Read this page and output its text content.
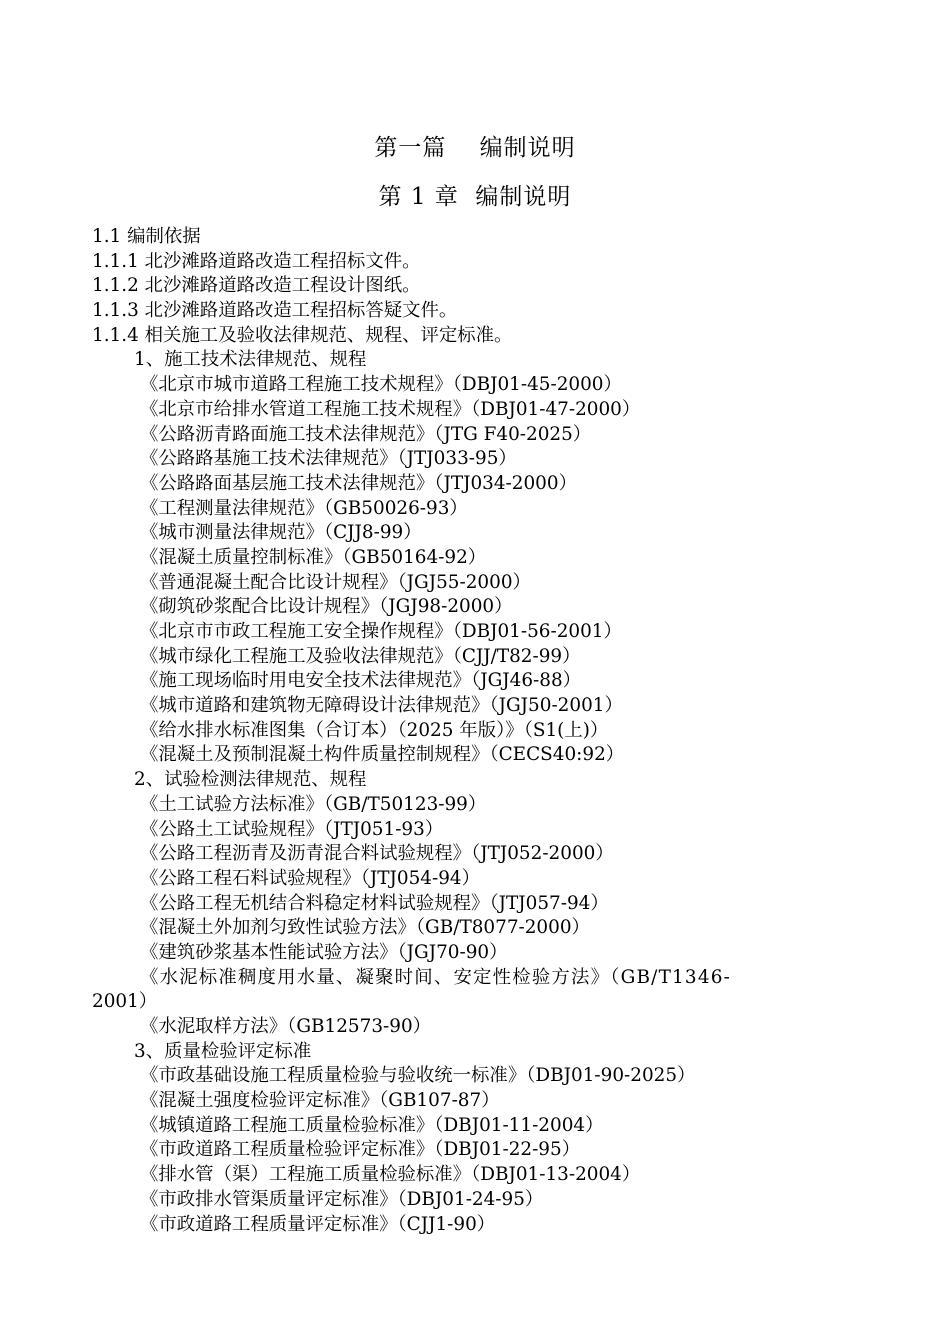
第一篇    编制说明
第 1 章  编制说明
1.1 编制依据
1.1.1 北沙滩路道路改造工程招标文件。
1.1.2 北沙滩路道路改造工程设计图纸。
1.1.3 北沙滩路道路改造工程招标答疑文件。
1.1.4 相关施工及验收法律规范、规程、评定标准。
1、施工技术法律规范、规程
《北京市城市道路工程施工技术规程》（DBJ01-45-2000）
《北京市给排水管道工程施工技术规程》（DBJ01-47-2000）
《公路沥青路面施工技术法律规范》（JTG F40-2025）
《公路路基施工技术法律规范》（JTJ033-95）
《公路路面基层施工技术法律规范》（JTJ034-2000）
《工程测量法律规范》（GB50026-93）
《城市测量法律规范》（CJJ8-99）
《混凝土质量控制标准》（GB50164-92）
《普通混凝土配合比设计规程》（JGJ55-2000）
《砌筑砂浆配合比设计规程》（JGJ98-2000）
《北京市市政工程施工安全操作规程》（DBJ01-56-2001）
《城市绿化工程施工及验收法律规范》（CJJ/T82-99）
《施工现场临时用电安全技术法律规范》（JGJ46-88）
《城市道路和建筑物无障碍设计法律规范》（JGJ50-2001）
《给水排水标准图集（合订本）（2025 年版）》（S1(上)）
《混凝土及预制混凝土构件质量控制规程》（CECS40:92）
2、试验检测法律规范、规程
《土工试验方法标准》（GB/T50123-99）
《公路土工试验规程》（JTJ051-93）
《公路工程沥青及沥青混合料试验规程》（JTJ052-2000）
《公路工程石料试验规程》（JTJ054-94）
《公路工程无机结合料稳定材料试验规程》（JTJ057-94）
《混凝土外加剂匀致性试验方法》（GB/T8077-2000）
《建筑砂浆基本性能试验方法》（JGJ70-90）
《水泥标准稠度用水量、凝聚时间、安定性检验方法》（GB/T1346-
2001）
《水泥取样方法》（GB12573-90）
3、质量检验评定标准
《市政基础设施工程质量检验与验收统一标准》（DBJ01-90-2025）
《混凝土强度检验评定标准》（GB107-87）
《城镇道路工程施工质量检验标准》（DBJ01-11-2004）
《市政道路工程质量检验评定标准》（DBJ01-22-95）
《排水管（渠）工程施工质量检验标准》（DBJ01-13-2004）
《市政排水管渠质量评定标准》（DBJ01-24-95）
《市政道路工程质量评定标准》（CJJ1-90）
